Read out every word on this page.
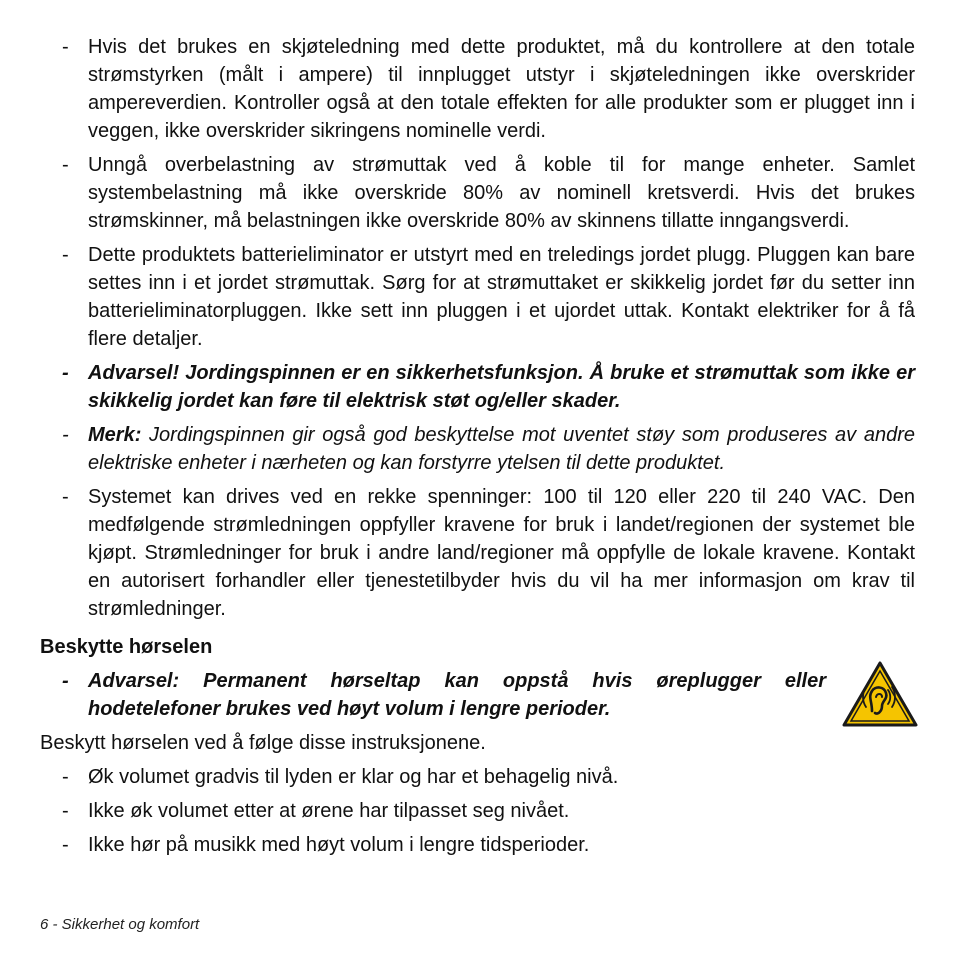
- Hvis det brukes en skjøteledning med dette produktet, må du kontrollere at den totale strømstyrken (målt i ampere) til innplugget utstyr i skjøteledningen ikke overskrider ampereverdien. Kontroller også at den totale effekten for alle produkter som er plugget inn i veggen, ikke overskrider sikringens nominelle verdi.
- Unngå overbelastning av strømuttak ved å koble til for mange enheter. Samlet systembelastning må ikke overskride 80% av nominell kretsverdi. Hvis det brukes strømskinner, må belastningen ikke overskride 80% av skinnens tillatte inngangsverdi.
- Dette produktets batterieliminator er utstyrt med en treledings jordet plugg. Pluggen kan bare settes inn i et jordet strømuttak. Sørg for at strømuttaket er skikkelig jordet før du setter inn batterieliminatorpluggen. Ikke sett inn pluggen i et ujordet uttak. Kontakt elektriker for å få flere detaljer.
- Advarsel! Jordingspinnen er en sikkerhetsfunksjon. Å bruke et strømuttak som ikke er skikkelig jordet kan føre til elektrisk støt og/eller skader.
- Merk: Jordingspinnen gir også god beskyttelse mot uventet støy som produseres av andre elektriske enheter i nærheten og kan forstyrre ytelsen til dette produktet.
- Systemet kan drives ved en rekke spenninger: 100 til 120 eller 220 til 240 VAC. Den medfølgende strømledningen oppfyller kravene for bruk i landet/regionen der systemet ble kjøpt. Strømledninger for bruk i andre land/regioner må oppfylle de lokale kravene. Kontakt en autorisert forhandler eller tjenestetilbyder hvis du vil ha mer informasjon om krav til strømledninger.
Beskytte hørselen
- Advarsel: Permanent hørseltap kan oppstå hvis øreplugger eller hodetelefoner brukes ved høyt volum i lengre perioder.
Beskytt hørselen ved å følge disse instruksjonene.
- Øk volumet gradvis til lyden er klar og har et behagelig nivå.
- Ikke øk volumet etter at ørene har tilpasset seg nivået.
- Ikke hør på musikk med høyt volum i lengre tidsperioder.
6 - Sikkerhet og komfort
